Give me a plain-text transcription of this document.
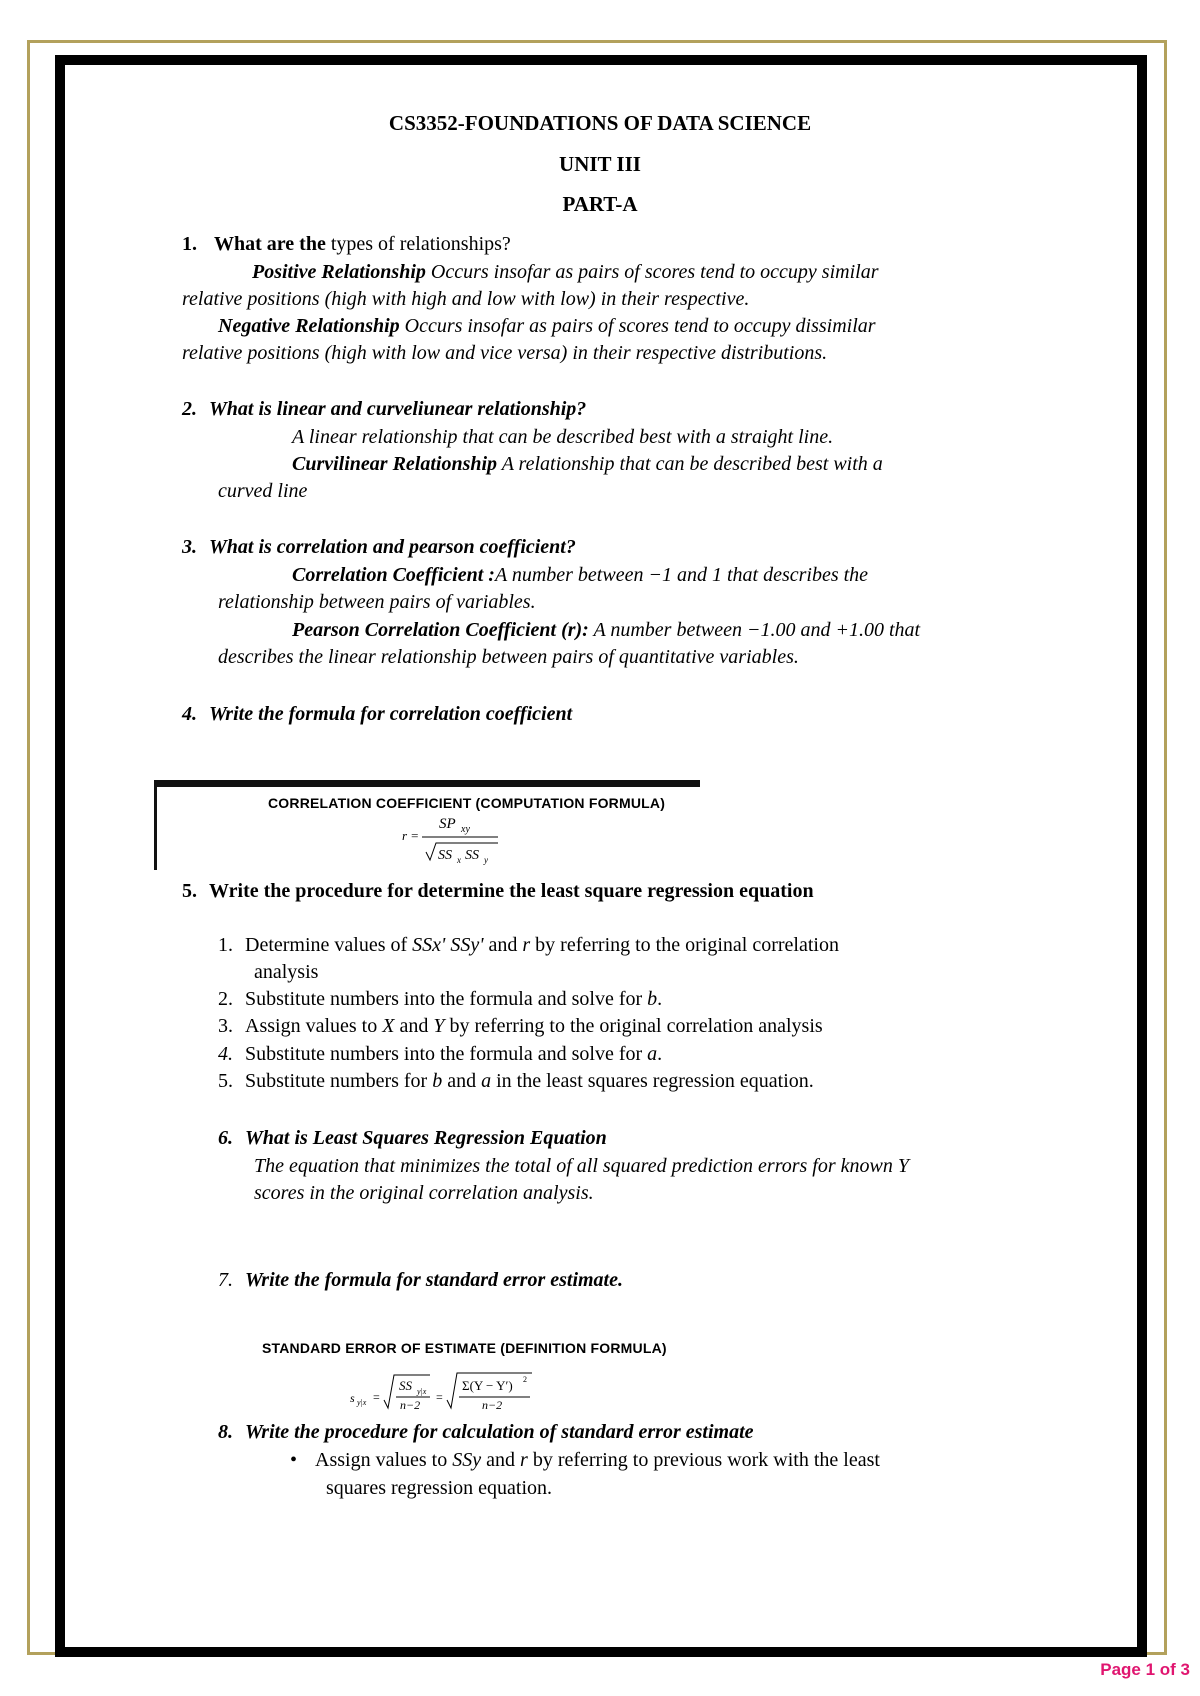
CS3352-FOUNDATIONS OF DATA SCIENCE
UNIT III
PART-A
1. What are the types of relationships?
Positive Relationship Occurs insofar as pairs of scores tend to occupy similar
relative positions (high with high and low with low) in their respective.
Negative Relationship Occurs insofar as pairs of scores tend to occupy dissimilar
relative positions (high with low and vice versa) in their respective distributions.
2. What is linear and curveliunear relationship?
A linear relationship that can be described best with a straight line.
Curvilinear Relationship A relationship that can be described best with a
curved line
3. What is correlation and pearson coefficient?
Correlation Coefficient :A number between −1 and 1 that describes the
relationship between pairs of variables.
Pearson Correlation Coefficient (r): A number between −1.00 and +1.00 that
describes the linear relationship between pairs of quantitative variables.
4. Write the formula for correlation coefficient
CORRELATION COEFFICIENT (COMPUTATION FORMULA)
r =
SP xy
SS x SS y
5. Write the procedure for determine the least square regression equation
1. Determine values of SSx' SSy' and r by referring to the original correlation
analysis
2. Substitute numbers into the formula and solve for b.
3. Assign values to X and Y by referring to the original correlation analysis
4. Substitute numbers into the formula and solve for a.
5. Substitute numbers for b and a in the least squares regression equation.
6. What is Least Squares Regression Equation
The equation that minimizes the total of all squared prediction errors for known Y
scores in the original correlation analysis.
7. Write the formula for standard error estimate.
STANDARD ERROR OF ESTIMATE (DEFINITION FORMULA)
s y|x =
SS y|x
n−2
=
Σ(Y − Y′) 2
n−2
8. Write the procedure for calculation of standard error estimate
• Assign values to SSy and r by referring to previous work with the least
squares regression equation.
Page 1 of 3
